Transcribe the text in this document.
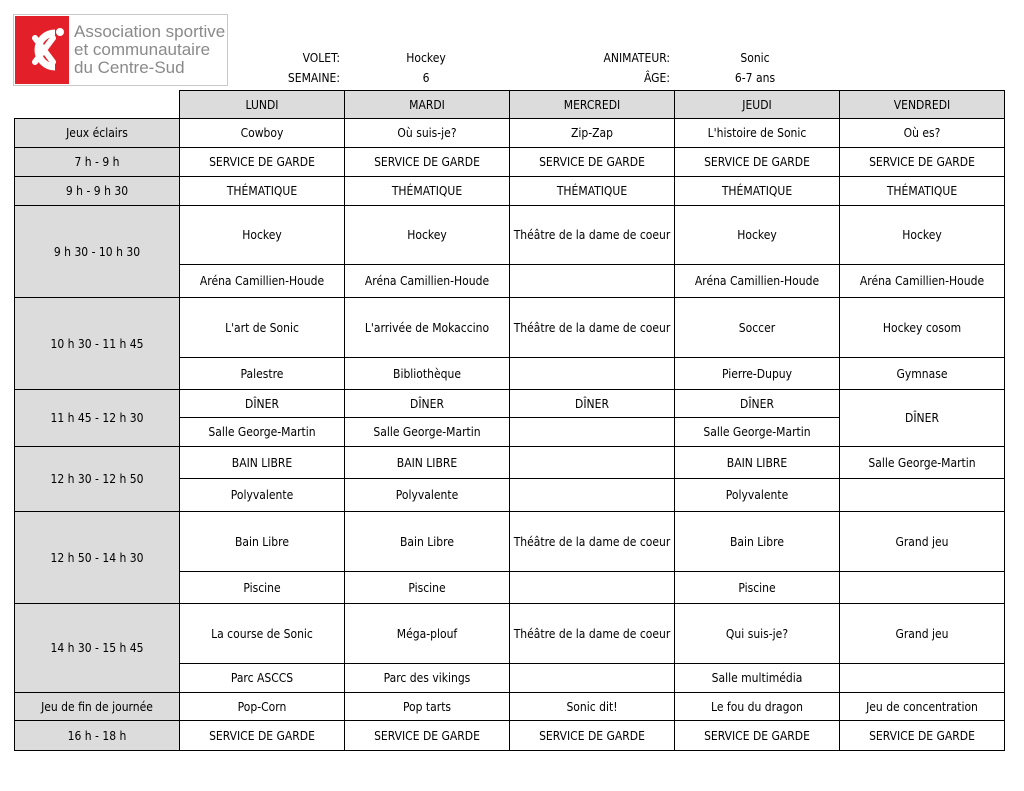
Association sportive
et communautaire
du Centre-Sud	VOLET:	Hockey
SEMAINE:	6
ANIMATEUR:	Sonic
ÂGE:	6-7 ans
	LUNDI	MARDI	MERCREDI	JEUDI	VENDREDI
Jeux éclairs	Cowboy	Où suis-je?	Zip-Zap	L'histoire de Sonic	Où es?
7 h - 9 h	SERVICE DE GARDE	SERVICE DE GARDE	SERVICE DE GARDE	SERVICE DE GARDE	SERVICE DE GARDE
9 h - 9 h 30	THÉMATIQUE	THÉMATIQUE	THÉMATIQUE	THÉMATIQUE	THÉMATIQUE
9 h 30 - 10 h 30	Hockey	Hockey	Théâtre de la dame de coeur	Hockey	Hockey
	Aréna Camillien-Houde	Aréna Camillien-Houde		Aréna Camillien-Houde	Aréna Camillien-Houde
10 h 30 - 11 h 45	L'art de Sonic	L'arrivée de Mokaccino	Théâtre de la dame de coeur	Soccer	Hockey cosom
	Palestre	Bibliothèque		Pierre-Dupuy	Gymnase
11 h 45 - 12 h 30	DÎNER	DÎNER	DÎNER	DÎNER	DÎNER
	Salle George-Martin	Salle George-Martin		Salle George-Martin	
12 h 30 - 12 h 50	BAIN LIBRE	BAIN LIBRE		BAIN LIBRE	Salle George-Martin
	Polyvalente	Polyvalente		Polyvalente	
12 h 50 - 14 h 30	Bain Libre	Bain Libre	Théâtre de la dame de coeur	Bain Libre	Grand jeu
	Piscine	Piscine		Piscine	
14 h 30 - 15 h 45	La course de Sonic	Méga-plouf	Théâtre de la dame de coeur	Qui suis-je?	Grand jeu
	Parc ASCCS	Parc des vikings		Salle multimédia	
Jeu de fin de journée	Pop-Corn	Pop tarts	Sonic dit!	Le fou du dragon	Jeu de concentration
16 h - 18 h	SERVICE DE GARDE	SERVICE DE GARDE	SERVICE DE GARDE	SERVICE DE GARDE	SERVICE DE GARDE
